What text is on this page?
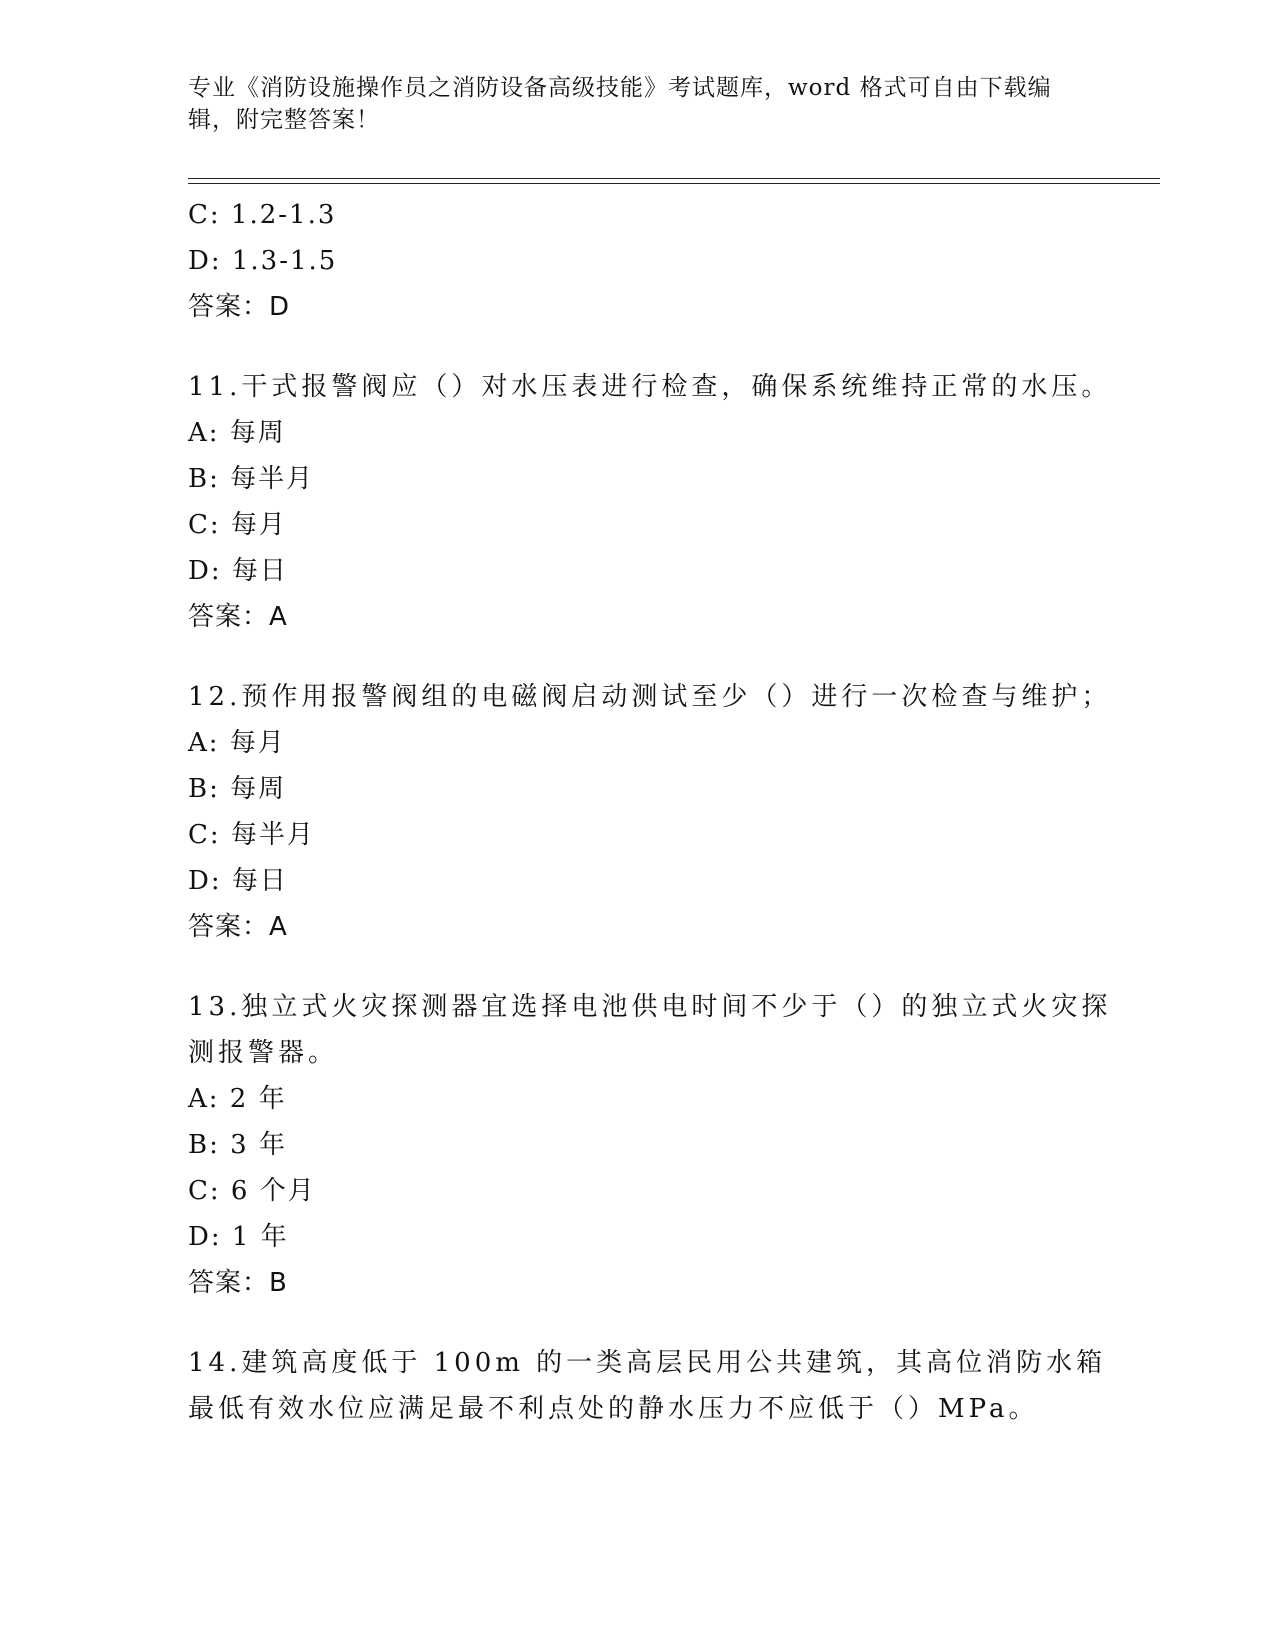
专业《消防设施操作员之消防设备高级技能》考试题库，word 格式可自由下载编辑，附完整答案！
C: 1.2-1.3
D: 1.3-1.5
答案：D
11.干式报警阀应（）对水压表进行检查，确保系统维持正常的水压。
A: 每周
B: 每半月
C: 每月
D: 每日
答案：A
12.预作用报警阀组的电磁阀启动测试至少（）进行一次检查与维护；
A: 每月
B: 每周
C: 每半月
D: 每日
答案：A
13.独立式火灾探测器宜选择电池供电时间不少于（）的独立式火灾探测报警器。
A: 2 年
B: 3 年
C: 6 个月
D: 1 年
答案：B
14.建筑高度低于 100m 的一类高层民用公共建筑，其高位消防水箱最低有效水位应满足最不利点处的静水压力不应低于（）MPa。
